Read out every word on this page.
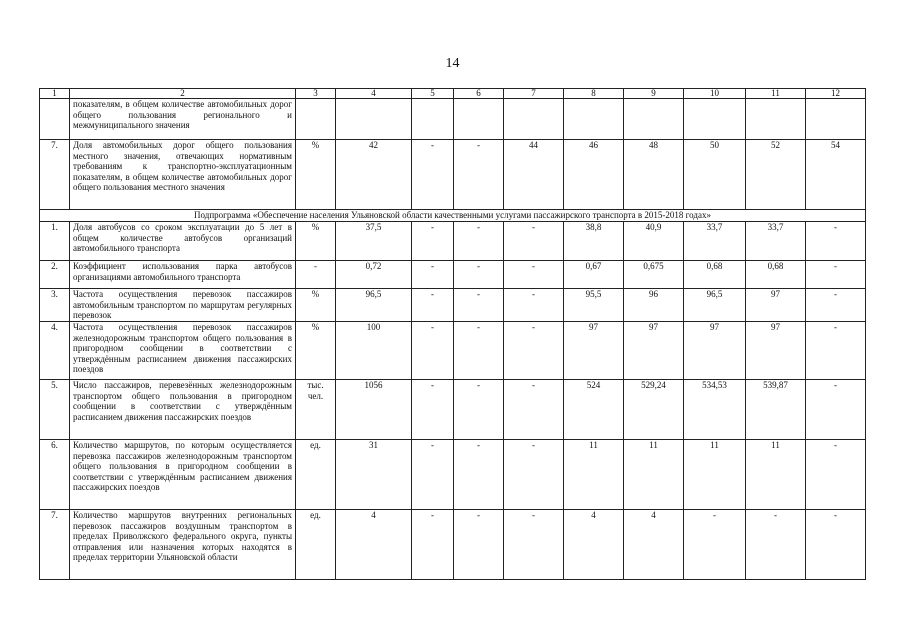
14
1	2	3	4	5	6	7	8	9	10	11	12
	показателям, в общем количестве автомобильных дорог общего пользования регионального и межмуниципального значения										
7.	Доля автомобильных дорог общего пользования местного значения, отвечающих нормативным требованиям к транспортно-эксплуатационным показателям, в общем количестве автомобильных дорог общего пользования местного значения	%	42	-	-	44	46	48	50	52	54
Подпрограмма «Обеспечение населения Ульяновской области качественными услугами пассажирского транспорта в 2015-2018 годах»											
1.	Доля автобусов со сроком эксплуатации до 5 лет в общем количестве автобусов организаций автомобильного транспорта	%	37,5	-	-	-	38,8	40,9	33,7	33,7	-
2.	Коэффициент использования парка автобусов организациями автомобильного транспорта	-	0,72	-	-	-	0,67	0,675	0,68	0,68	-
3.	Частота осуществления перевозок пассажиров автомобильным транспортом по маршрутам регулярных перевозок	%	96,5	-	-	-	95,5	96	96,5	97	-
4.	Частота осуществления перевозок пассажиров железнодорожным транспортом общего пользования в пригородном сообщении в соответствии с утверждённым расписанием движения пассажирских поездов	%	100	-	-	-	97	97	97	97	-
5.	Число пассажиров, перевезённых железнодорожным транспортом общего пользования в пригородном сообщении в соответствии с утверждённым расписанием движения пассажирских поездов	тыс. чел.	1056	-	-	-	524	529,24	534,53	539,87	-
6.	Количество маршрутов, по которым осуществляется перевозка пассажиров железнодорожным транспортом общего пользования в пригородном сообщении в соответствии с утверждённым расписанием движения пассажирских поездов	ед.	31	-	-	-	11	11	11	11	-
7.	Количество маршрутов внутренних региональных перевозок пассажиров воздушным транспортом в пределах Приволжского федерального округа, пункты отправления или назначения которых находятся в пределах территории Ульяновской области	ед.	4	-	-	-	4	4	-	-	-
